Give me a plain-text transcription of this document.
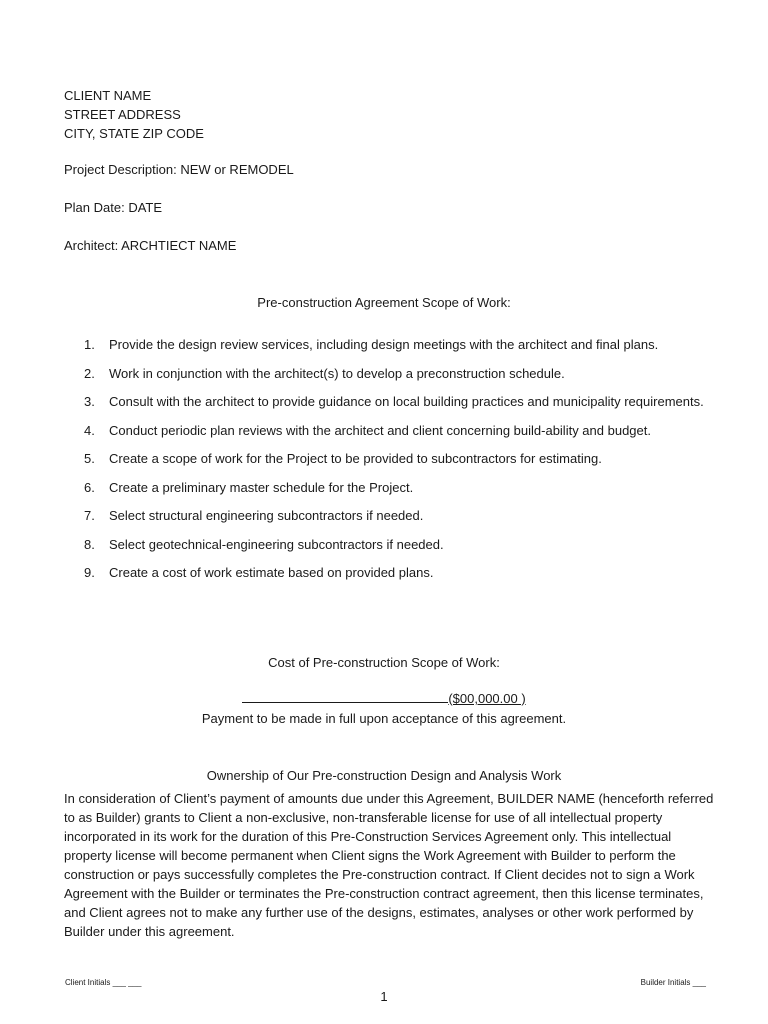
CLIENT NAME
STREET ADDRESS
CITY, STATE ZIP CODE
Project Description: NEW or REMODEL
Plan Date: DATE
Architect: ARCHTIECT NAME
Pre-construction Agreement Scope of Work:
1. Provide the design review services, including design meetings with the architect and final plans.
2. Work in conjunction with the architect(s) to develop a preconstruction schedule.
3. Consult with the architect to provide guidance on local building practices and municipality requirements.
4. Conduct periodic plan reviews with the architect and client concerning build-ability and budget.
5. Create a scope of work for the Project to be provided to subcontractors for estimating.
6. Create a preliminary master schedule for the Project.
7. Select structural engineering subcontractors if needed.
8. Select geotechnical-engineering subcontractors if needed.
9. Create a cost of work estimate based on provided plans.
Cost of Pre-construction Scope of Work:
($00,000.00 )
Payment to be made in full upon acceptance of this agreement.
Ownership of Our Pre-construction Design and Analysis Work
In consideration of Client’s payment of amounts due under this Agreement, BUILDER NAME (henceforth referred to as Builder) grants to Client a non-exclusive, non-transferable license for use of all intellectual property incorporated in its work for the duration of this Pre-Construction Services Agreement only. This intellectual property license will become permanent when Client signs the Work Agreement with Builder to perform the construction or pays successfully completes the Pre-construction contract. If Client decides not to sign a Work Agreement with the Builder or terminates the Pre-construction contract agreement, then this license terminates, and Client agrees not to make any further use of the designs, estimates, analyses or other work performed by Builder under this agreement.
Client Initials ___ ___	Builder Initials ___
1
